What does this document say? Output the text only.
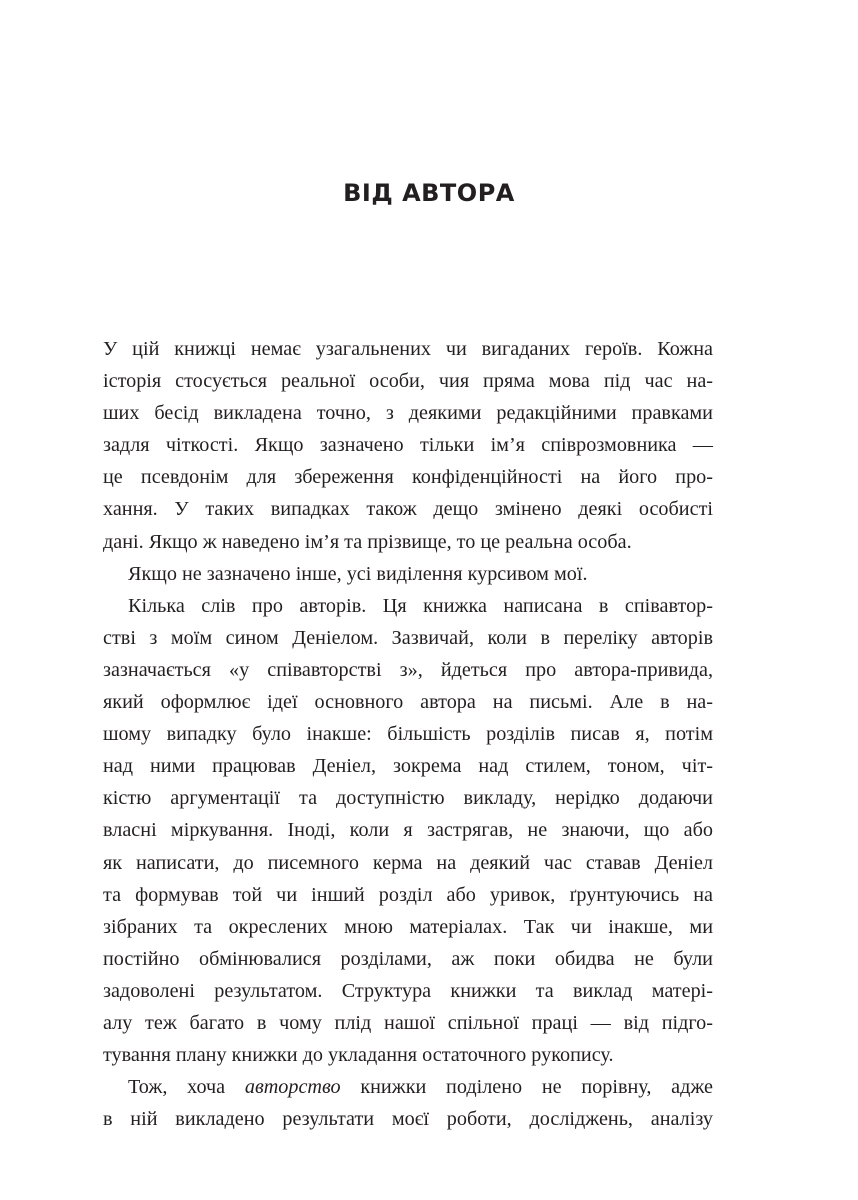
ВІД АВТОРА

У цій книжці немає узагальнених чи вигаданих героїв. Кожна
історія стосується реальної особи, чия пряма мова під час на-
ших бесід викладена точно, з деякими редакційними правками
задля чіткості. Якщо зазначено тільки ім’я співрозмовника —
це псевдонім для збереження конфіденційності на його про-
хання. У таких випадках також дещо змінено деякі особисті
дані. Якщо ж наведено ім’я та прізвище, то це реальна особа.

Якщо не зазначено інше, усі виділення курсивом мої.

Кілька слів про авторів. Ця книжка написана в співавтор-
стві з моїм сином Деніелом. Зазвичай, коли в переліку авторів
зазначається «у співавторстві з», йдеться про автора-привида,
який оформлює ідеї основного автора на письмі. Але в на-
шому випадку було інакше: більшість розділів писав я, потім
над ними працював Деніел, зокрема над стилем, тоном, чіт-
кістю аргументації та доступністю викладу, нерідко додаючи
власні міркування. Іноді, коли я застрягав, не знаючи, що або
як написати, до писемного керма на деякий час ставав Деніел
та формував той чи інший розділ або уривок, ґрунтуючись на
зібраних та окреслених мною матеріалах. Так чи інакше, ми
постійно обмінювалися розділами, аж поки обидва не були
задоволені результатом. Структура книжки та виклад матері-
алу теж багато в чому плід нашої спільної праці — від підго-
тування плану книжки до укладання остаточного рукопису.

Тож, хоча авторство книжки поділено не порівну, адже
в ній викладено результати моєї роботи, досліджень, аналізу
